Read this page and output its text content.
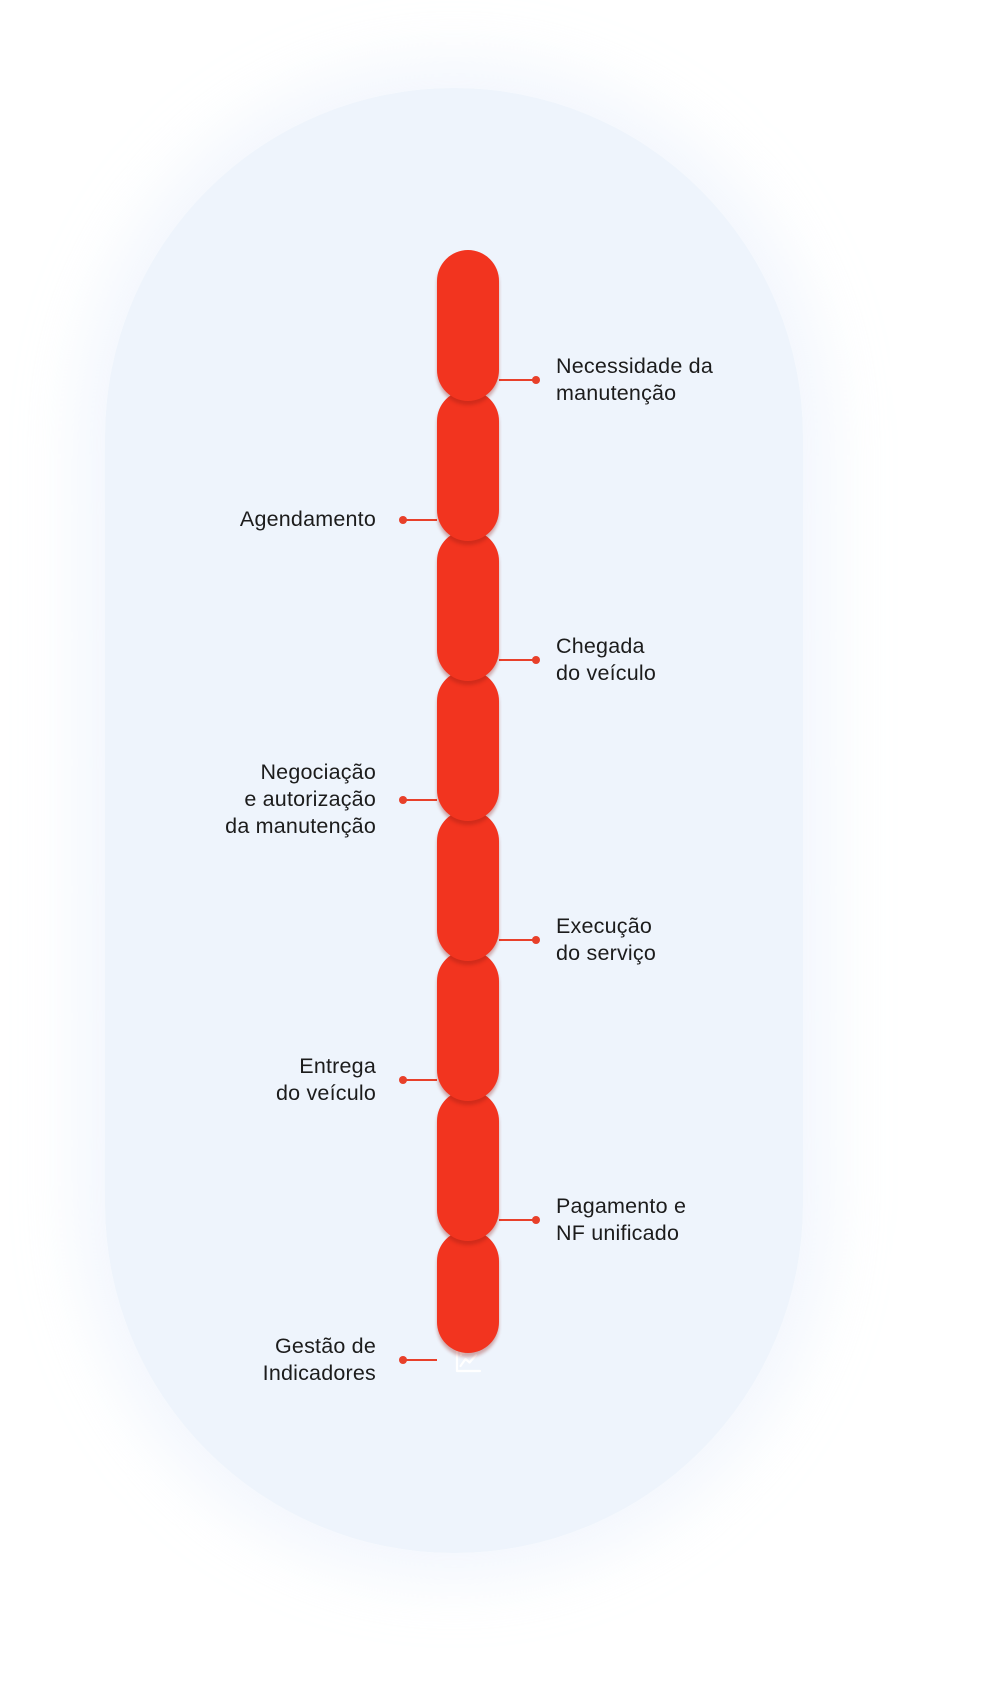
Necessidade da
manutenção
Agendamento
Chegada
do veículo
Negociação
e autorização
da manutenção
Execução
do serviço
Entrega
do veículo
Pagamento e
NF unificado
Gestão de
Indicadores
